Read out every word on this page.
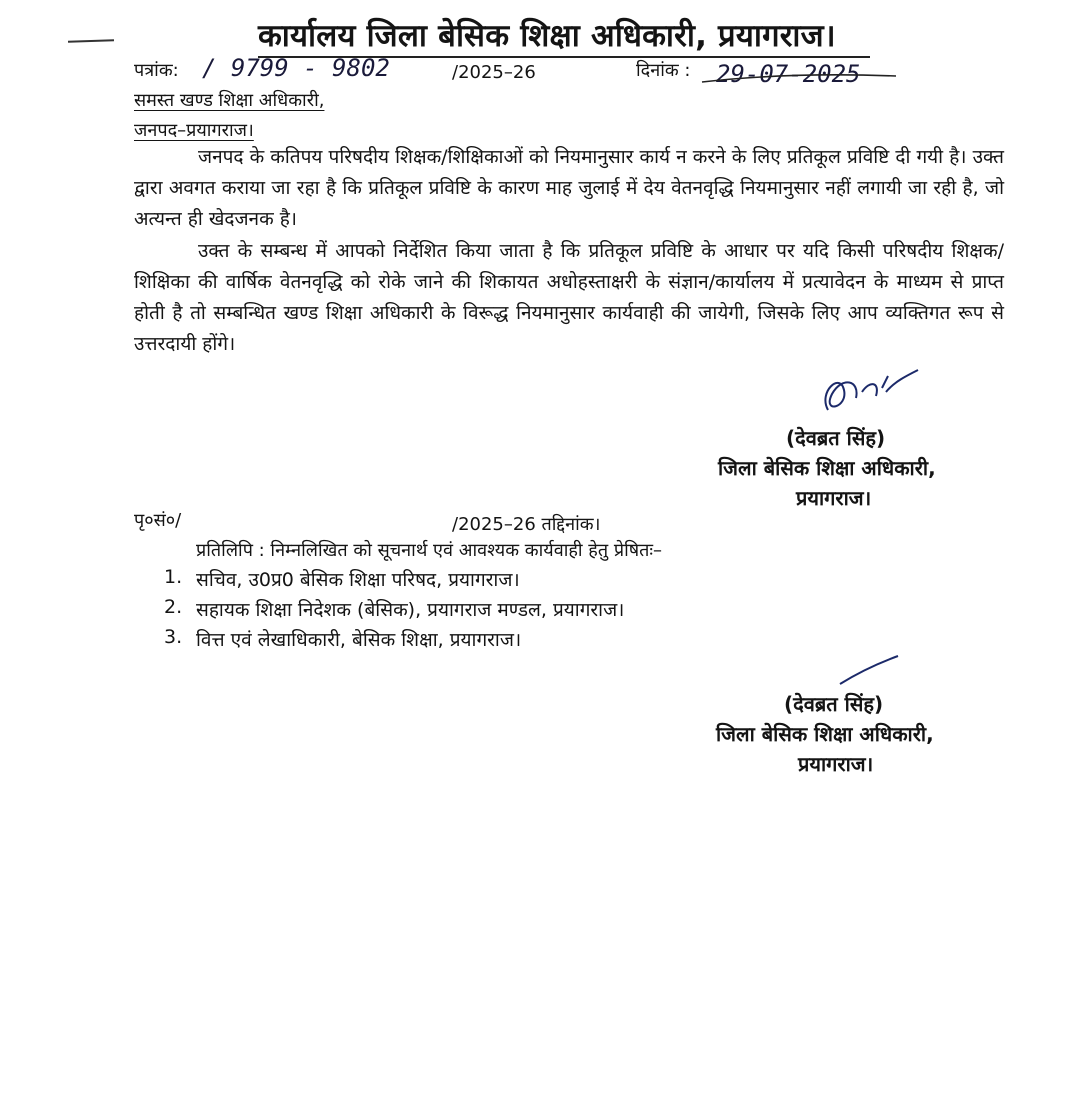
कार्यालय जिला बेसिक शिक्षा अधिकारी, प्रयागराज।
पत्रांक: / 9799 - 9802	/2025–26	दिनांक : 29-07-2025
समस्त खण्ड शिक्षा अधिकारी,
जनपद–प्रयागराज।

जनपद के कतिपय परिषदीय शिक्षक/शिक्षिकाओं को नियमानुसार कार्य न करने के लिए प्रतिकूल प्रविष्टि दी गयी है। उक्त द्वारा अवगत कराया जा रहा है कि प्रतिकूल प्रविष्टि के कारण माह जुलाई में देय वेतनवृद्धि नियमानुसार नहीं लगायी जा रही है, जो अत्यन्त ही खेदजनक है।

उक्त के सम्बन्ध में आपको निर्देशित किया जाता है कि प्रतिकूल प्रविष्टि के आधार पर यदि किसी परिषदीय शिक्षक/शिक्षिका की वार्षिक वेतनवृद्धि को रोके जाने की शिकायत अधोहस्ताक्षरी के संज्ञान/कार्यालय में प्रत्यावेदन के माध्यम से प्राप्त होती है तो सम्बन्धित खण्ड शिक्षा अधिकारी के विरूद्ध नियमानुसार कार्यवाही की जायेगी, जिसके लिए आप व्यक्तिगत रूप से उत्तरदायी होंगे।

(देवब्रत सिंह)
जिला बेसिक शिक्षा अधिकारी,
प्रयागराज।
पृ०सं०/	/2025–26 तद्दिनांक।
प्रतिलिपि : निम्नलिखित को सूचनार्थ एवं आवश्यक कार्यवाही हेतु प्रेषितः–
1. सचिव, उ0प्र0 बेसिक शिक्षा परिषद, प्रयागराज।
2. सहायक शिक्षा निदेशक (बेसिक), प्रयागराज मण्डल, प्रयागराज।
3. वित्त एवं लेखाधिकारी, बेसिक शिक्षा, प्रयागराज।
(देवब्रत सिंह)
जिला बेसिक शिक्षा अधिकारी,
प्रयागराज।
